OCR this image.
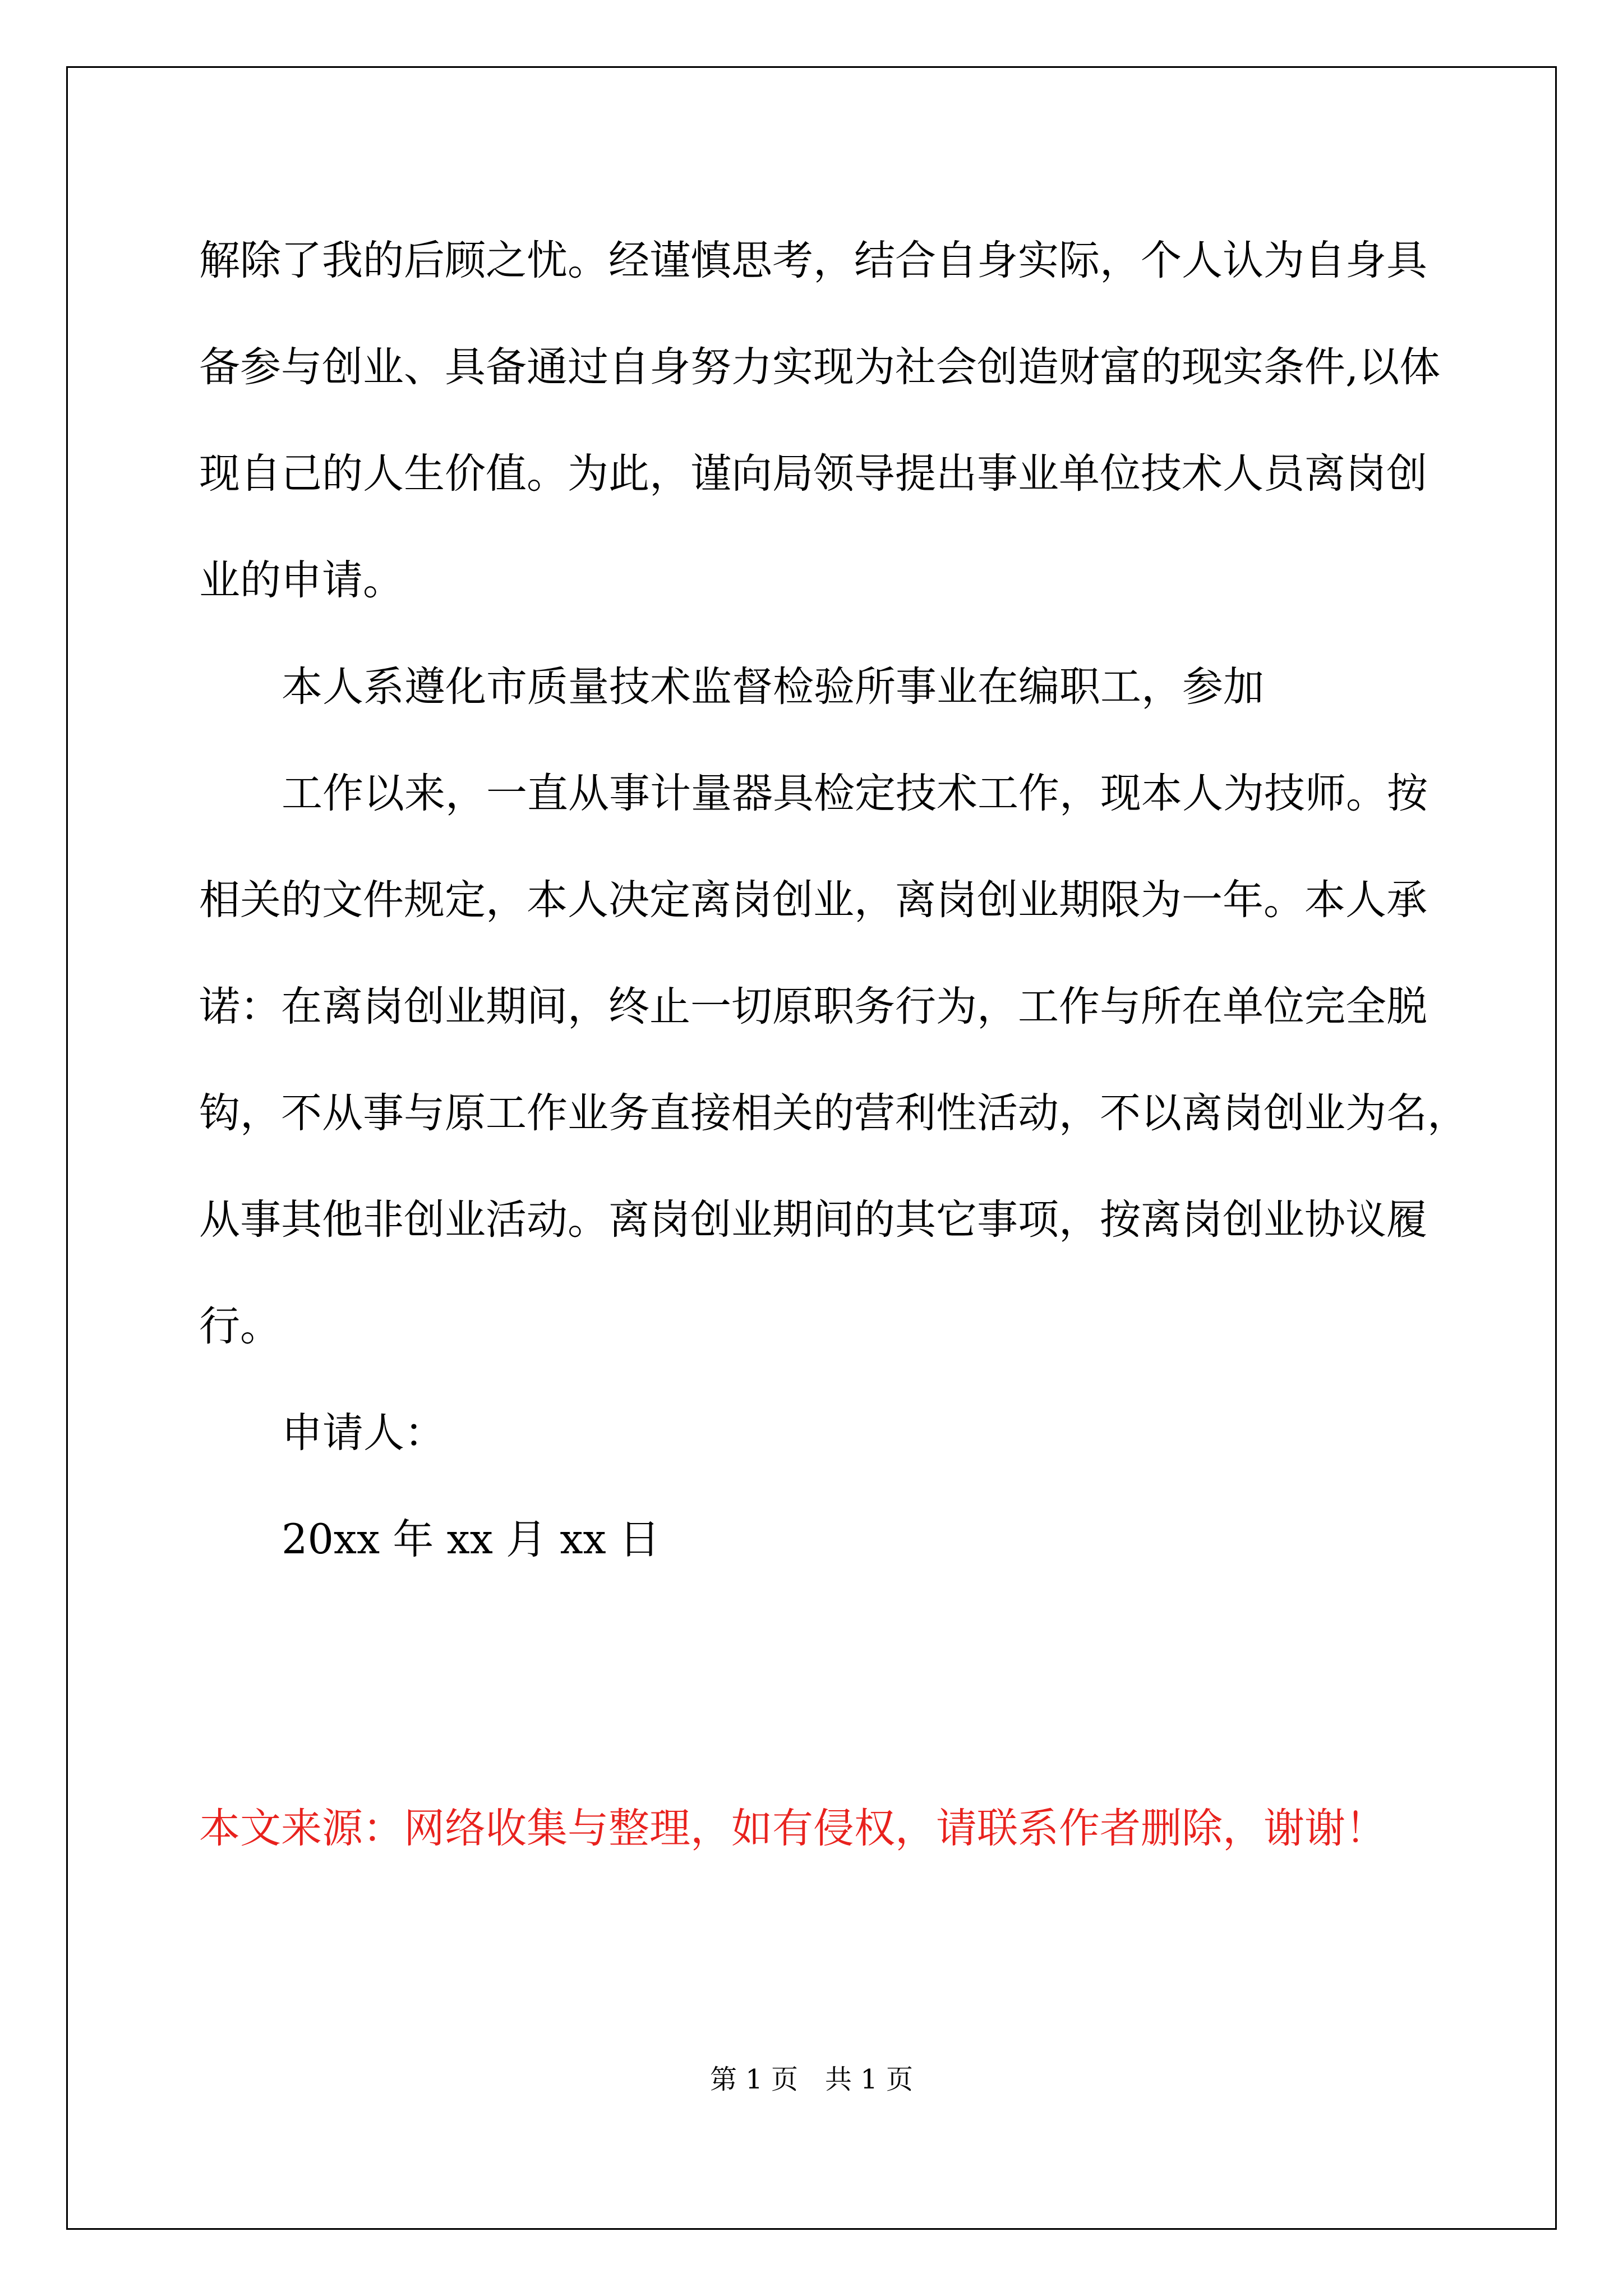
解除了我的后顾之忧。经谨慎思考，结合自身实际，个人认为自身具

备参与创业、具备通过自身努力实现为社会创造财富的现实条件,以体

现自己的人生价值。为此，谨向局领导提出事业单位技术人员离岗创

业的申请。

本人系遵化市质量技术监督检验所事业在编职工，参加

工作以来，一直从事计量器具检定技术工作，现本人为技师。按

相关的文件规定，本人决定离岗创业，离岗创业期限为一年。本人承

诺：在离岗创业期间，终止一切原职务行为，工作与所在单位完全脱

钩，不从事与原工作业务直接相关的营利性活动，不以离岗创业为名，

从事其他非创业活动。离岗创业期间的其它事项，按离岗创业协议履

行。

申请人：

20xx 年 xx 月 xx 日

本文来源：网络收集与整理，如有侵权，请联系作者删除，谢谢！
第 1 页　共 1 页
